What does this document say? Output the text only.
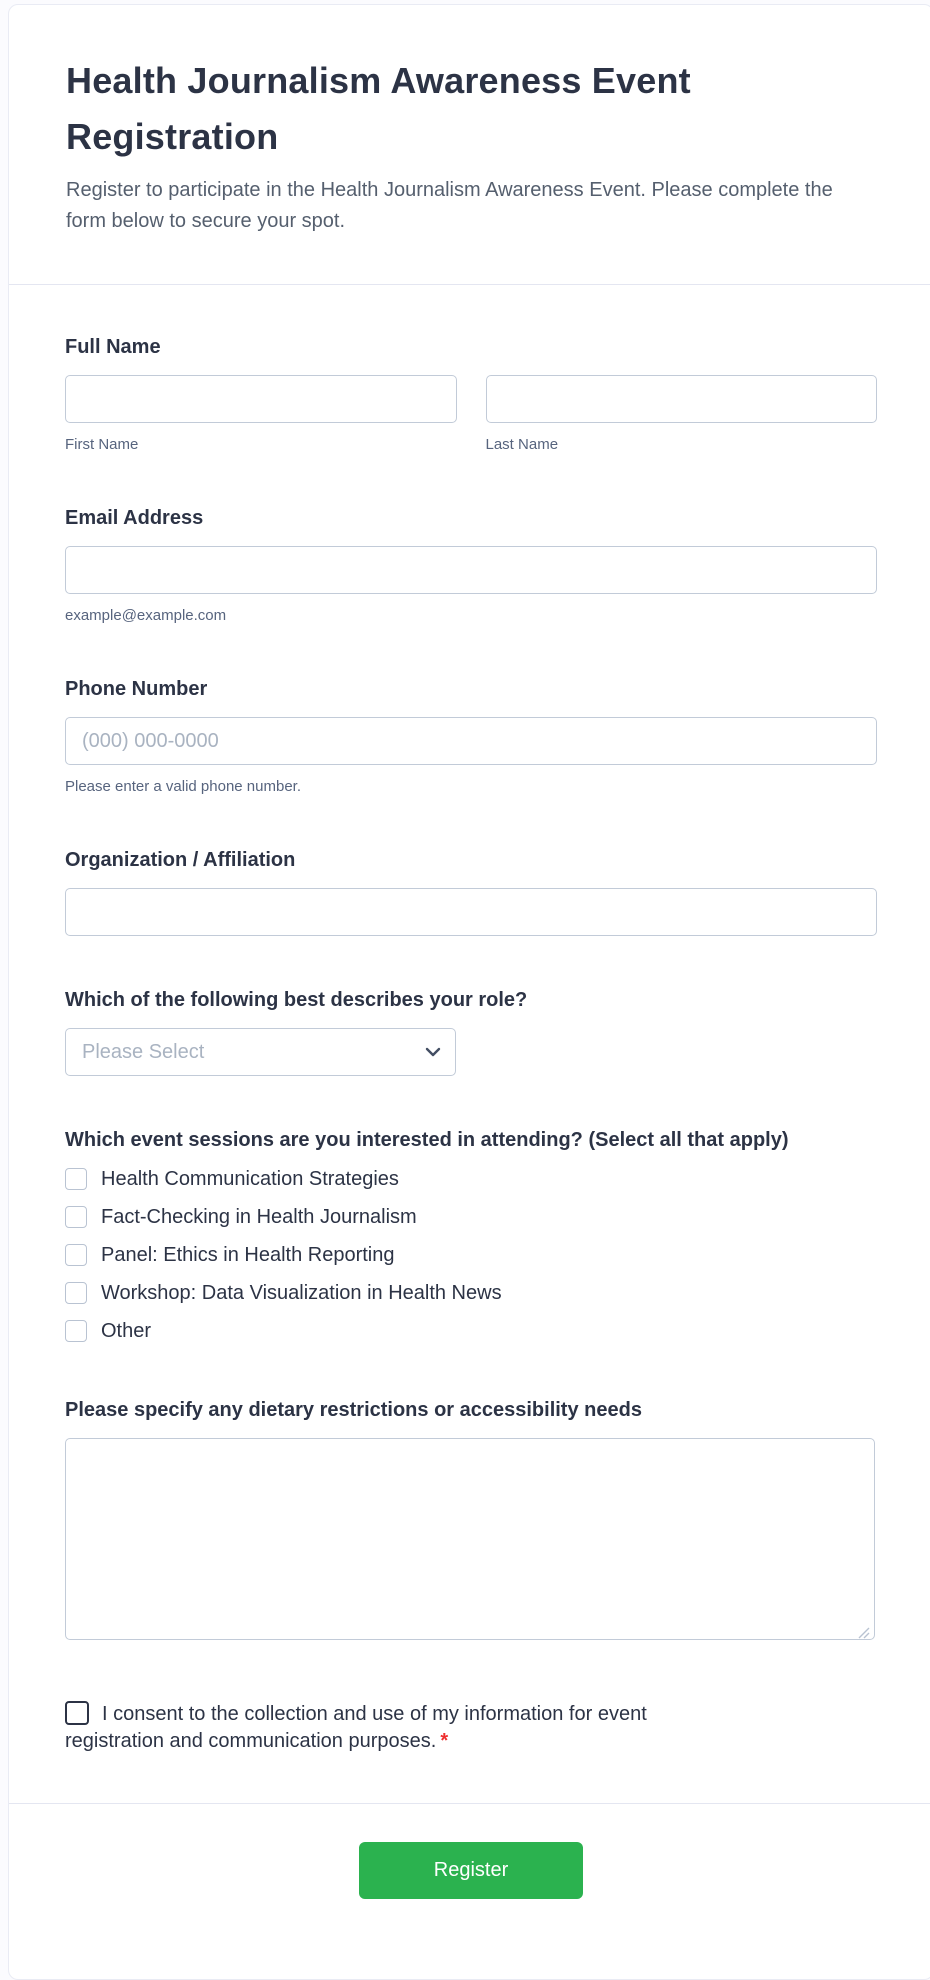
Health Journalism Awareness Event Registration

Register to participate in the Health Journalism Awareness Event. Please complete the form below to secure your spot.

Full Name
First Name	Last Name
Email Address
example@example.com
Phone Number
(000) 000-0000
Please enter a valid phone number.
Organization / Affiliation
Which of the following best describes your role?
Please Select
Which event sessions are you interested in attending? (Select all that apply)
Health Communication Strategies
Fact-Checking in Health Journalism
Panel: Ethics in Health Reporting
Workshop: Data Visualization in Health News
Other
Please specify any dietary restrictions or accessibility needs
I consent to the collection and use of my information for event registration and communication purposes. *
Register
